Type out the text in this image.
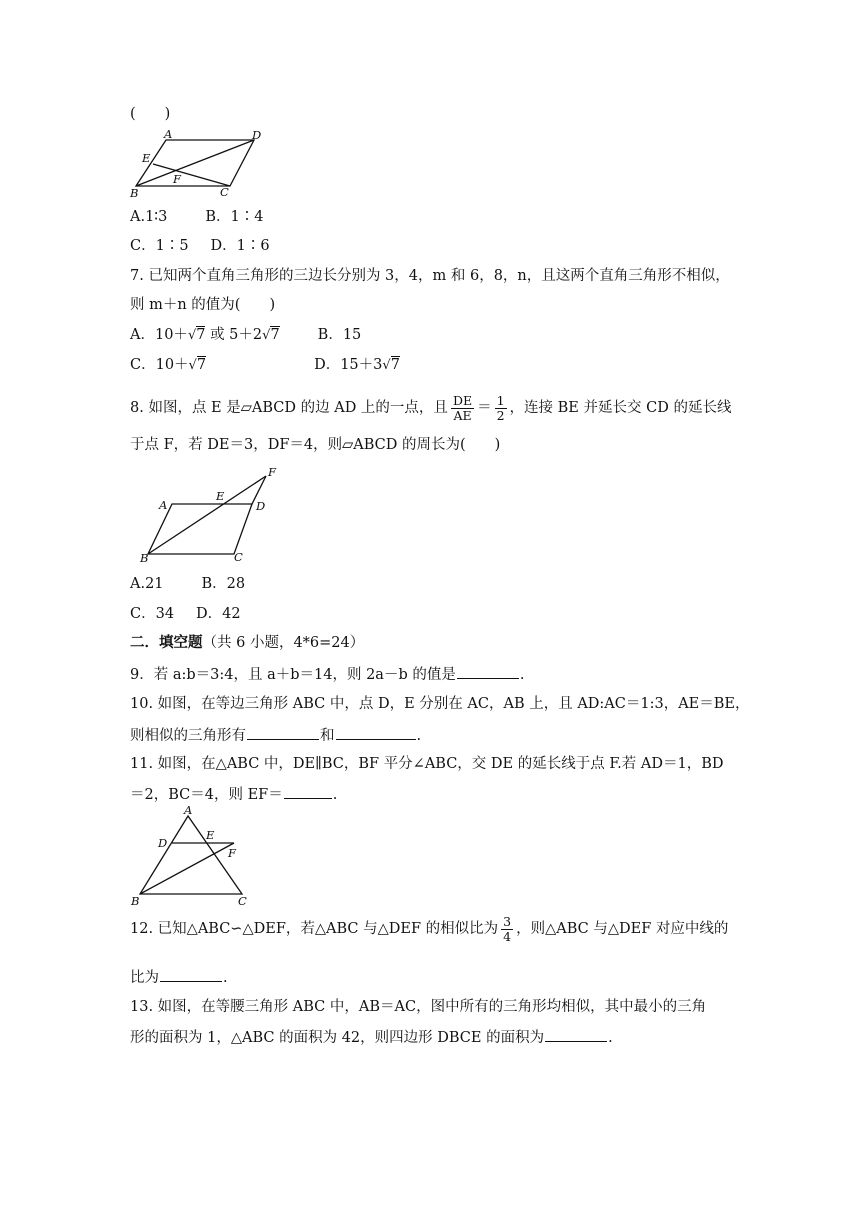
(　　)
A	D
E
F
B	C
A.1∶3	B．1∶4
C．1∶5 D．1∶6
7. 已知两个直角三角形的三边长分别为 3，4，m 和 6，8，n，且这两个直角三角形不相似，
则 m＋n 的值为(　　)
A．10＋√7 或 5＋2√7	B．15
C．10＋√7	D．15＋3√7
8. 如图，点 E 是▱ABCD 的边 AD 上的一点，且 $\frac{DE}{AE} = \frac{1}{2}$ ，连接 BE 并延长交 CD 的延长线
于点 F，若 DE＝3，DF＝4，则▱ABCD 的周长为(　　)
A
E
D
F
B	C
A.21	B．28
C．34 D．42
二．填空题（共 6 小题，4*6=24）
9．若 a:b＝3:4，且 a＋b＝14，则 2a－b 的值是	.
10. 如图，在等边三角形 ABC 中，点 D，E 分别在 AC，AB 上，且 AD:AC＝1:3，AE＝BE，
则相似的三角形有	和	.
11. 如图，在△ABC 中，DE∥BC，BF 平分∠ABC，交 DE 的延长线于点 F.若 AD＝1，BD
＝2，BC＝4，则 EF＝	.
A
D
E
F
B	C
12. 已知△ABC∽△DEF，若△ABC 与△DEF 的相似比为 $\frac{3}{4}$ ，则△ABC 与△DEF 对应中线的
比为	.
13. 如图，在等腰三角形 ABC 中，AB＝AC，图中所有的三角形均相似，其中最小的三角
形的面积为 1，△ABC 的面积为 42，则四边形 DBCE 的面积为	.
